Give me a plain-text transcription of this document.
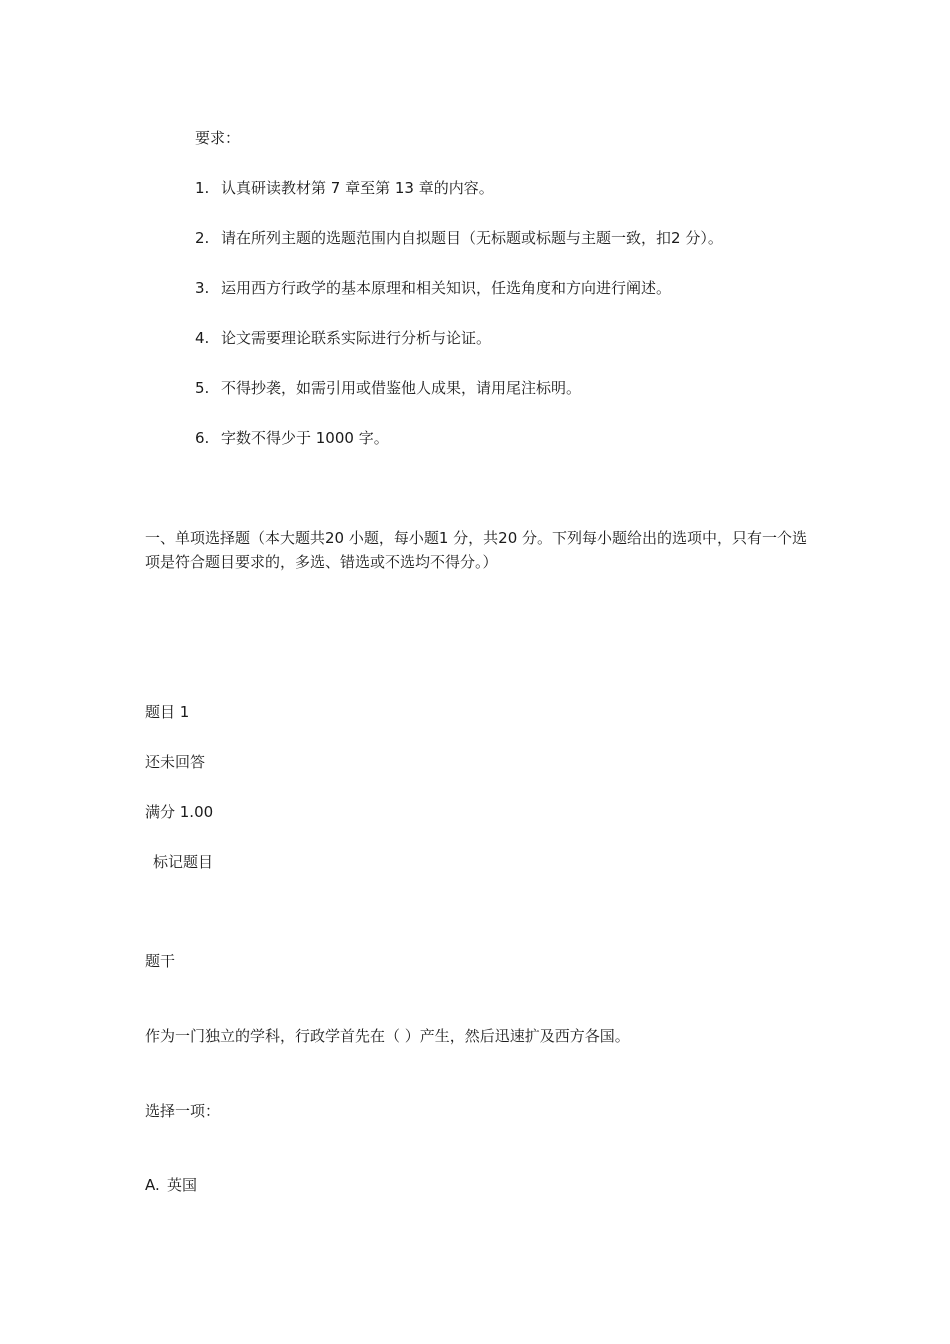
要求：
1. 认真研读教材第 7 章至第 13 章的内容。
2. 请在所列主题的选题范围内自拟题目（无标题或标题与主题一致，扣2 分）。
3. 运用西方行政学的基本原理和相关知识，任选角度和方向进行阐述。
4. 论文需要理论联系实际进行分析与论证。
5. 不得抄袭，如需引用或借鉴他人成果，请用尾注标明。
6. 字数不得少于 1000 字。
一、单项选择题（本大题共20 小题，每小题1 分，共20 分。下列每小题给出的选项中，只有一个选项是符合题目要求的，多选、错选或不选均不得分。）
题目 1
还未回答
满分 1.00
标记题目
题干
作为一门独立的学科，行政学首先在（ ）产生，然后迅速扩及西方各国。
选择一项：
A. 英国
